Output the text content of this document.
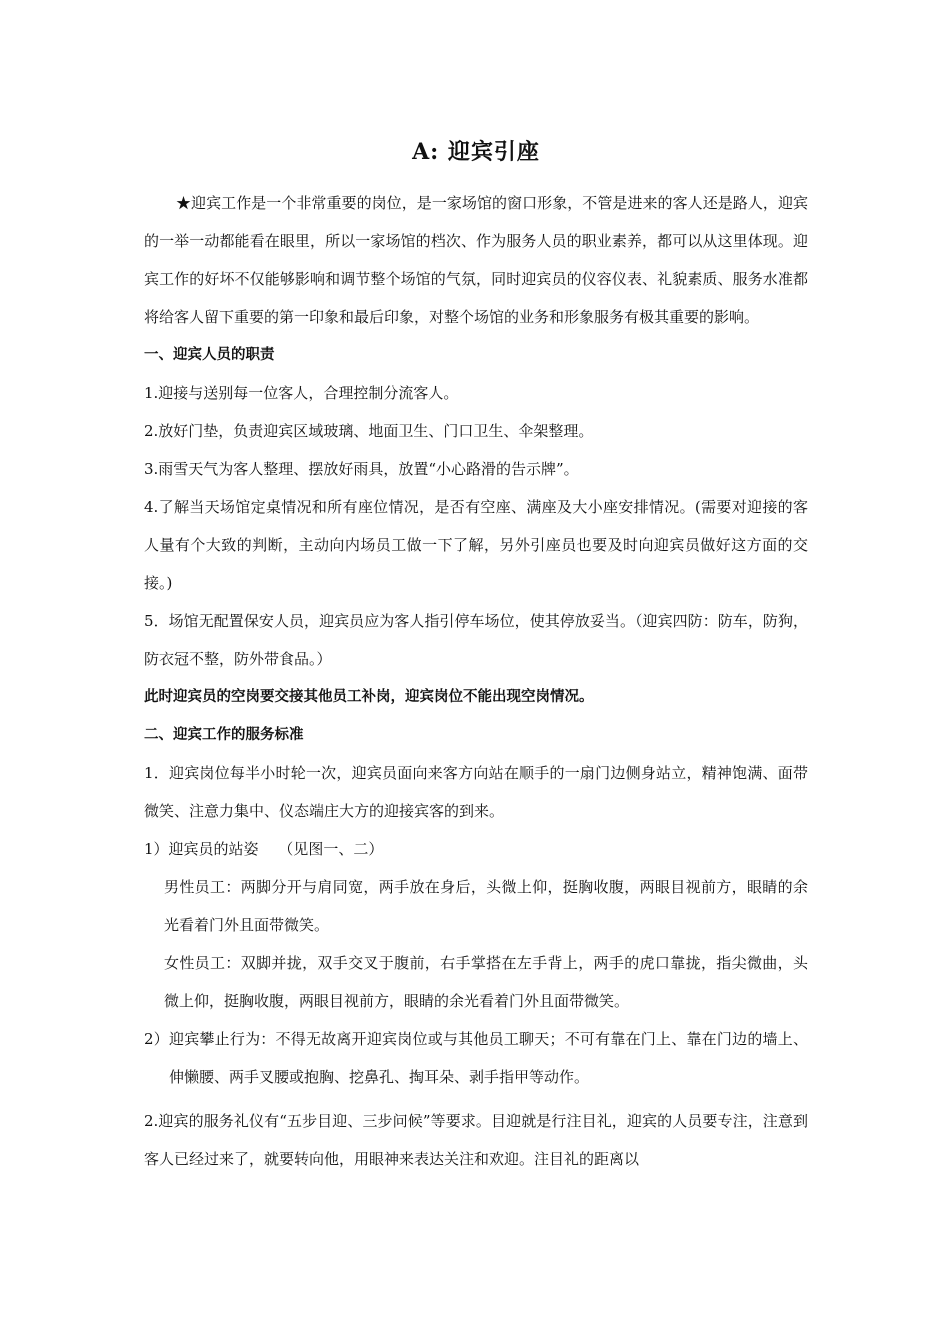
A: 迎宾引座

★迎宾工作是一个非常重要的岗位，是一家场馆的窗口形象，不管是进来的客人还是路人，迎宾的一举一动都能看在眼里，所以一家场馆的档次、作为服务人员的职业素养，都可以从这里体现。迎宾工作的好坏不仅能够影响和调节整个场馆的气氛，同时迎宾员的仪容仪表、礼貌素质、服务水准都将给客人留下重要的第一印象和最后印象，对整个场馆的业务和形象服务有极其重要的影响。

一、迎宾人员的职责

1.迎接与送别每一位客人，合理控制分流客人。

2.放好门垫，负责迎宾区域玻璃、地面卫生、门口卫生、伞架整理。

3.雨雪天气为客人整理、摆放好雨具，放置“小心路滑的告示牌”。

4.了解当天场馆定桌情况和所有座位情况，是否有空座、满座及大小座安排情况。(需要对迎接的客人量有个大致的判断，主动向内场员工做一下了解，另外引座员也要及时向迎宾员做好这方面的交接。)

5．场馆无配置保安人员，迎宾员应为客人指引停车场位，使其停放妥当。（迎宾四防：防车，防狗，防衣冠不整，防外带食品。）

此时迎宾员的空岗要交接其他员工补岗，迎宾岗位不能出现空岗情况。

二、迎宾工作的服务标准

1．迎宾岗位每半小时轮一次，迎宾员面向来客方向站在顺手的一扇门边侧身站立，精神饱满、面带微笑、注意力集中、仪态端庄大方的迎接宾客的到来。

1）迎宾员的站姿　 （见图一、二）

男性员工：两脚分开与肩同宽，两手放在身后，头微上仰，挺胸收腹，两眼目视前方，眼睛的余光看着门外且面带微笑。

女性员工：双脚并拢，双手交叉于腹前，右手掌搭在左手背上，两手的虎口靠拢，指尖微曲，头微上仰，挺胸收腹，两眼目视前方，眼睛的余光看着门外且面带微笑。

2）迎宾攀止行为：不得无故离开迎宾岗位或与其他员工聊天；不可有靠在门上、靠在门边的墙上、伸懒腰、两手叉腰或抱胸、挖鼻孔、掏耳朵、剥手指甲等动作。

2.迎宾的服务礼仪有“五步目迎、三步问候”等要求。目迎就是行注目礼，迎宾的人员要专注，注意到客人已经过来了，就要转向他，用眼神来表达关注和欢迎。注目礼的距离以
